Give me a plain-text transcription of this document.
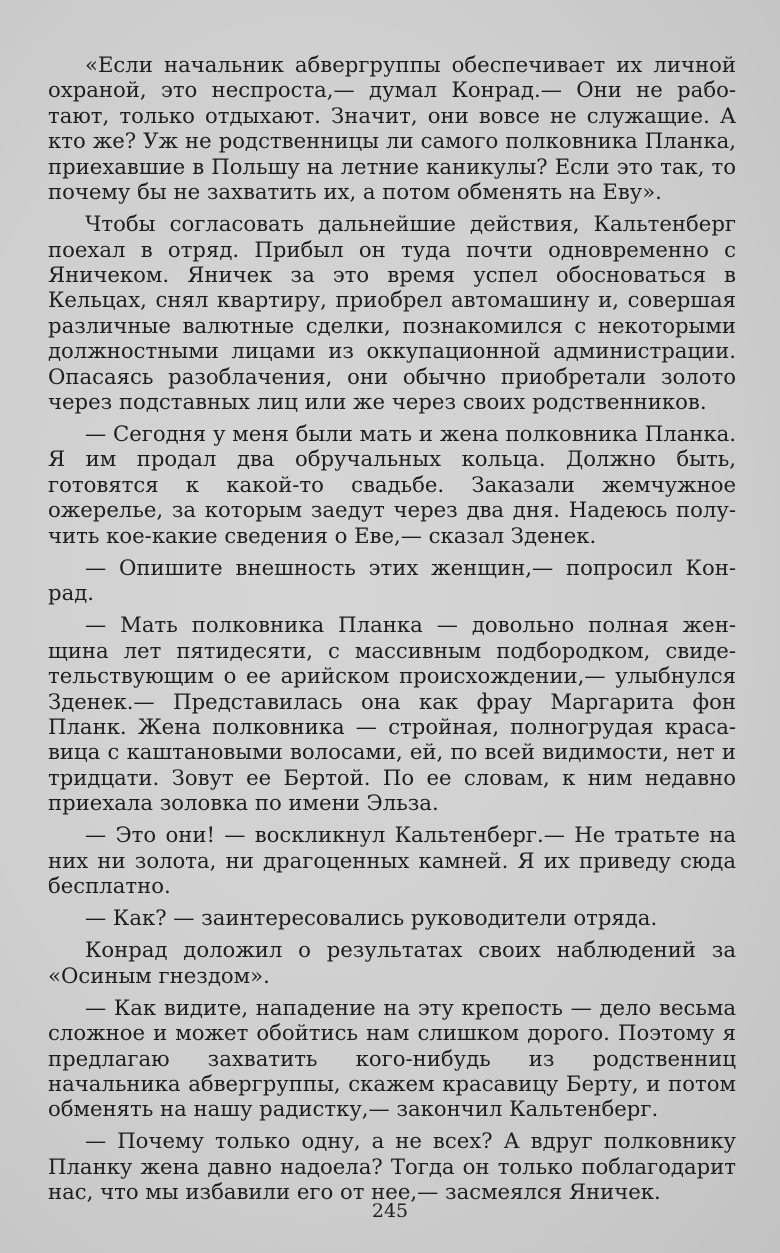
«Если начальник абвергруппы обеспечивает их личной охраной, это неспроста,— думал Конрад.— Они не работают, только отдыхают. Значит, они вовсе не служащие. А кто же? Уж не родственницы ли самого полковника Планка, приехавшие в Польшу на летние каникулы? Если это так, то почему бы не захватить их, а потом обменять на Еву».

Чтобы согласовать дальнейшие действия, Кальтенберг поехал в отряд. Прибыл он туда почти одновременно с Яничеком. Яничек за это время успел обосноваться в Кельцах, снял квартиру, приобрел автомашину и, совершая различные валютные сделки, познакомился с некоторыми должностными лицами из оккупационной администрации. Опасаясь разоблачения, они обычно приобретали золото через подставных лиц или же через своих родственников.

— Сегодня у меня были мать и жена полковника Планка. Я им продал два обручальных кольца. Должно быть, готовятся к какой-то свадьбе. Заказали жемчужное ожерелье, за которым заедут через два дня. Надеюсь получить кое-какие сведения о Еве,— сказал Зденек.

— Опишите внешность этих женщин,— попросил Конрад.

— Мать полковника Планка — довольно полная женщина лет пятидесяти, с массивным подбородком, свидетельствующим о ее арийском происхождении,— улыбнулся Зденек.— Представилась она как фрау Маргарита фон Планк. Жена полковника — стройная, полногрудая красавица с каштановыми волосами, ей, по всей видимости, нет и тридцати. Зовут ее Бертой. По ее словам, к ним недавно приехала золовка по имени Эльза.

— Это они! — воскликнул Кальтенберг.— Не тратьте на них ни золота, ни драгоценных камней. Я их приведу сюда бесплатно.

— Как? — заинтересовались руководители отряда.

Конрад доложил о результатах своих наблюдений за «Осиным гнездом».

— Как видите, нападение на эту крепость — дело весьма сложное и может обойтись нам слишком дорого. Поэтому я предлагаю захватить кого-нибудь из родственниц начальника абвергруппы, скажем красавицу Берту, и потом обменять на нашу радистку,— закончил Кальтенберг.

— Почему только одну, а не всех? А вдруг полковнику Планку жена давно надоела? Тогда он только поблагодарит нас, что мы избавили его от нее,— засмеялся Яничек.

245
